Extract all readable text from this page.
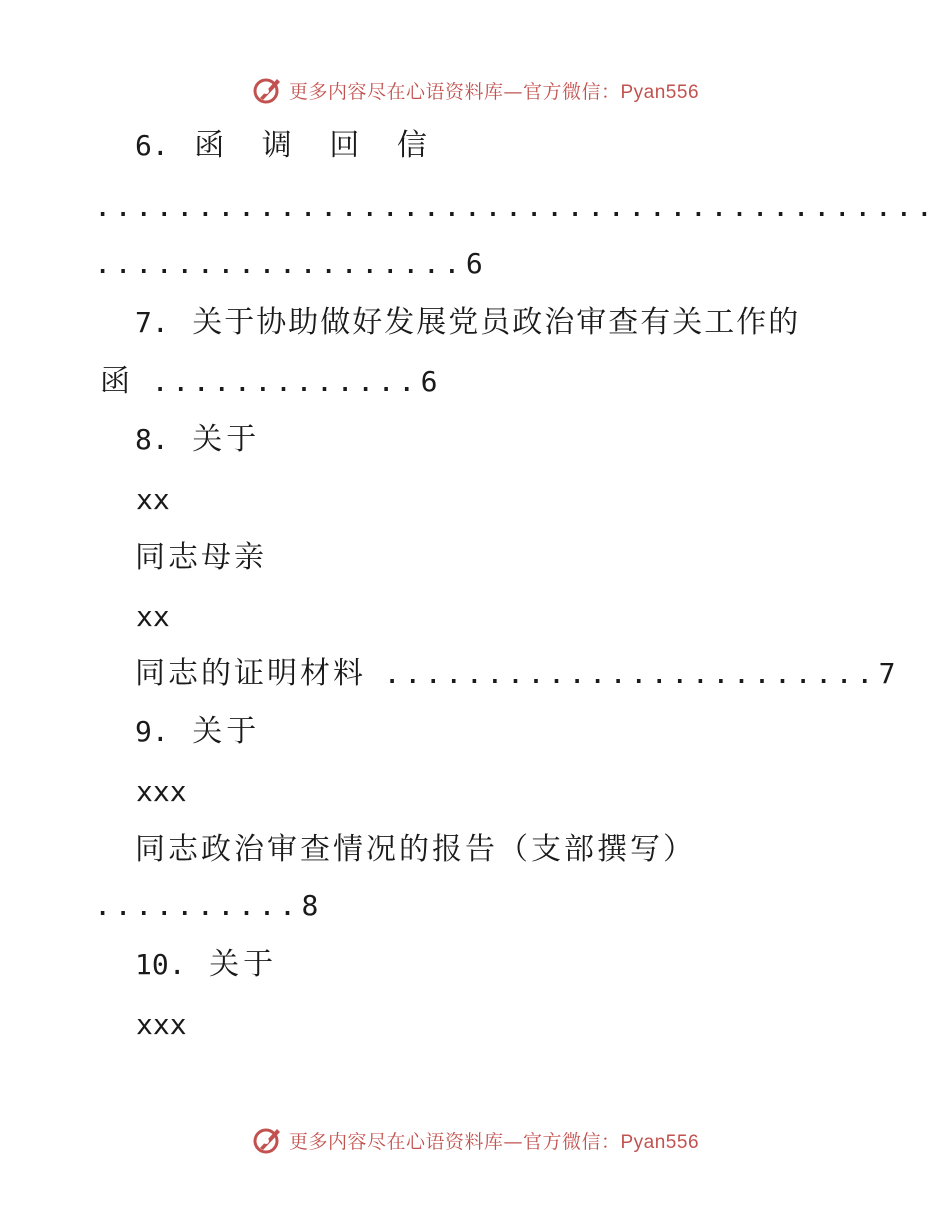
更多内容尽在心语资料库—官方微信：Pyan556
6. 函 调 回 信
.........................................
..................6
7. 关于协助做好发展党员政治审查有关工作的
函 .............6
8. 关于
xx
同志母亲
xx
同志的证明材料 ........................7
9. 关于
xxx
同志政治审查情况的报告（支部撰写）
..........8
10. 关于
xxx
更多内容尽在心语资料库—官方微信：Pyan556
